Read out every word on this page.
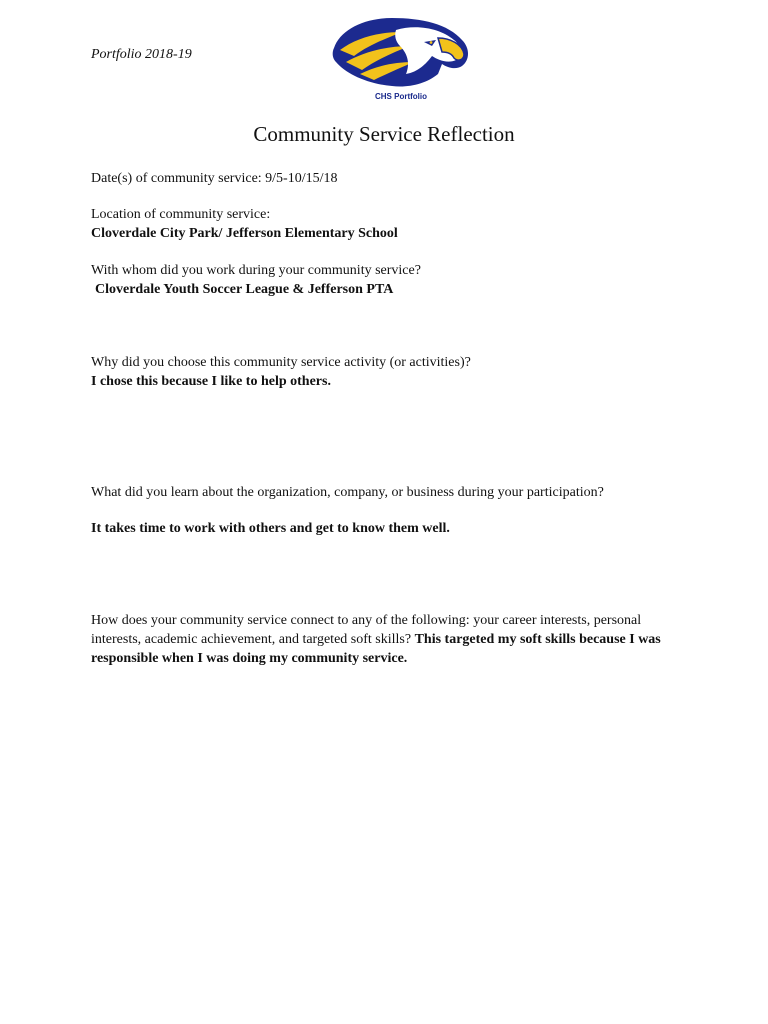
Portfolio 2018-19
CHS Portfolio
Community Service Reflection
Date(s) of community service: 9/5-10/15/18
Location of community service:
Cloverdale City Park/ Jefferson Elementary School
With whom did you work during your community service?
Cloverdale Youth Soccer League & Jefferson PTA
Why did you choose this community service activity (or activities)?
I chose this because I like to help others.
What did you learn about the organization, company, or business during your participation?
It takes time to work with others and get to know them well.
How does your community service connect to any of the following: your career interests, personal interests, academic achievement, and targeted soft skills? This targeted my soft skills because I was responsible when I was doing my community service.
